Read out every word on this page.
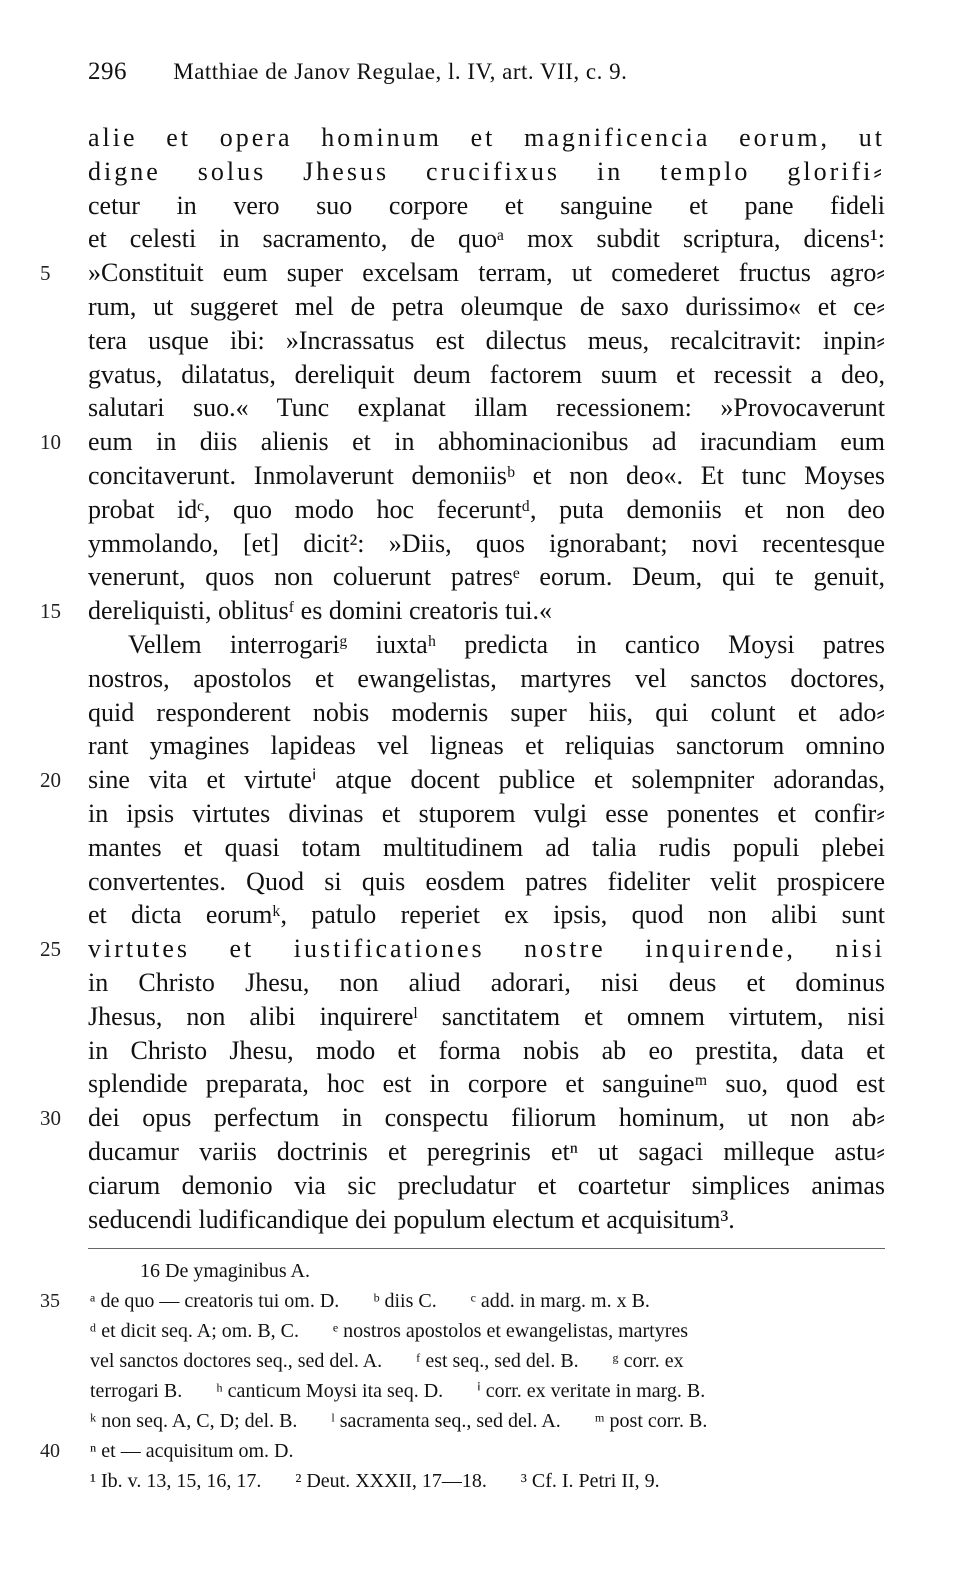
296 Matthiae de Janov Regulae, l. IV, art. VII, c. 9.
alie et opera hominum et magnificencia eorum, ut
digne solus Jhesus crucifixus in templo glorifi⸗
cetur in vero suo corpore et sanguine et pane fideli
et celesti in sacramento, de quoᵃ mox subdit scriptura, dicens¹:
5	»Constituit eum super excelsam terram, ut comederet fructus agro⸗
rum, ut suggeret mel de petra oleumque de saxo durissimo« et ce⸗
tera usque ibi: »Incrassatus est dilectus meus, recalcitravit: inpin⸗
gvatus, dilatatus, dereliquit deum factorem suum et recessit a deo,
salutari suo.« Tunc explanat illam recessionem: »Provocaverunt
10	eum in diis alienis et in abhominacionibus ad iracundiam eum
concitaverunt. Inmolaverunt demoniisᵇ et non deo«. Et tunc Moyses
probat idᶜ, quo modo hoc feceruntᵈ, puta demoniis et non deo
ymmolando, [et] dicit²: »Diis, quos ignorabant; novi recentesque
venerunt, quos non coluerunt patresᵉ eorum. Deum, qui te genuit,
15	dereliquisti, oblitusᶠ es domini creatoris tui.«
Vellem interrogariᵍ iuxtaʰ predicta in cantico Moysi patres
nostros, apostolos et ewangelistas, martyres vel sanctos doctores,
quid responderent nobis modernis super hiis, qui colunt et ado⸗
rant ymagines lapideas vel ligneas et reliquias sanctorum omnino
20	sine vita et virtuteⁱ atque docent publice et solempniter adorandas,
in ipsis virtutes divinas et stuporem vulgi esse ponentes et confir⸗
mantes et quasi totam multitudinem ad talia rudis populi plebei
convertentes. Quod si quis eosdem patres fideliter velit prospicere
et dicta eorumᵏ, patulo reperiet ex ipsis, quod non alibi sunt
25	virtutes et iustificationes nostre inquirende, nisi
in Christo Jhesu, non aliud adorari, nisi deus et dominus
Jhesus, non alibi inquirereˡ sanctitatem et omnem virtutem, nisi
in Christo Jhesu, modo et forma nobis ab eo prestita, data et
splendide preparata, hoc est in corpore et sanguineᵐ suo, quod est
30	dei opus perfectum in conspectu filiorum hominum, ut non ab⸗
ducamur variis doctrinis et peregrinis etⁿ ut sagaci milleque astu⸗
ciarum demonio via sic precludatur et coartetur simplices animas
seducendi ludificandique dei populum electum et acquisitum³.
16 De ymaginibus A.
35	ᵃ de quo — creatoris tui om. D. ᵇ diis C. ᶜ add. in marg. m. x B.
ᵈ et dicit seq. A; om. B, C. ᵉ nostros apostolos et ewangelistas, martyres
vel sanctos doctores seq., sed del. A. ᶠ est seq., sed del. B. ᵍ corr. ex
terrogari B. ʰ canticum Moysi ita seq. D. ⁱ corr. ex veritate in marg. B.
ᵏ non seq. A, C, D; del. B. ˡ sacramenta seq., sed del. A. ᵐ post corr. B.
40	ⁿ et — acquisitum om. D.
¹ Ib. v. 13, 15, 16, 17. ² Deut. XXXII, 17—18. ³ Cf. I. Petri II, 9.
